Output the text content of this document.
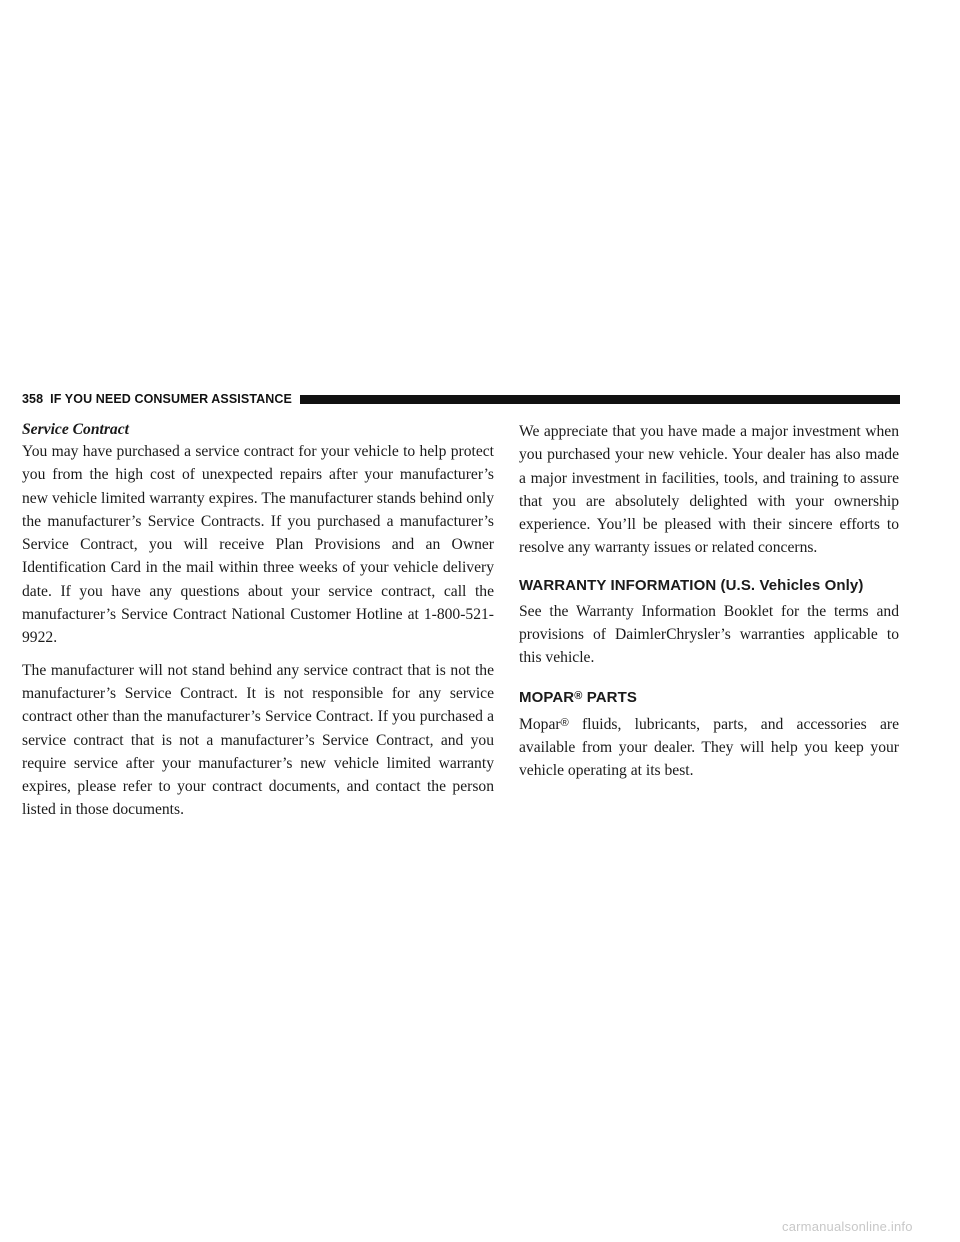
358 IF YOU NEED CONSUMER ASSISTANCE
Service Contract

You may have purchased a service contract for your vehicle to help protect you from the high cost of unexpected repairs after your manufacturer’s new vehicle limited warranty expires. The manufacturer stands behind only the manufacturer’s Service Contracts. If you purchased a manufacturer’s Service Contract, you will receive Plan Provisions and an Owner Identification Card in the mail within three weeks of your vehicle delivery date. If you have any questions about your service contract, call the manufacturer’s Service Contract National Customer Hotline at 1-800-521-9922.

The manufacturer will not stand behind any service contract that is not the manufacturer’s Service Contract. It is not responsible for any service contract other than the manufacturer’s Service Contract. If you purchased a service contract that is not a manufacturer’s Service Contract, and you require service after your manufacturer’s new vehicle limited warranty expires, please refer to your contract documents, and contact the person listed in those documents.

We appreciate that you have made a major investment when you purchased your new vehicle. Your dealer has also made a major investment in facilities, tools, and training to assure that you are absolutely delighted with your ownership experience. You’ll be pleased with their sincere efforts to resolve any warranty issues or related concerns.

WARRANTY INFORMATION (U.S. Vehicles Only)

See the Warranty Information Booklet for the terms and provisions of DaimlerChrysler’s warranties applicable to this vehicle.

MOPAR® PARTS

Mopar® fluids, lubricants, parts, and accessories are available from your dealer. They will help you keep your vehicle operating at its best.

carmanualsonline.info
